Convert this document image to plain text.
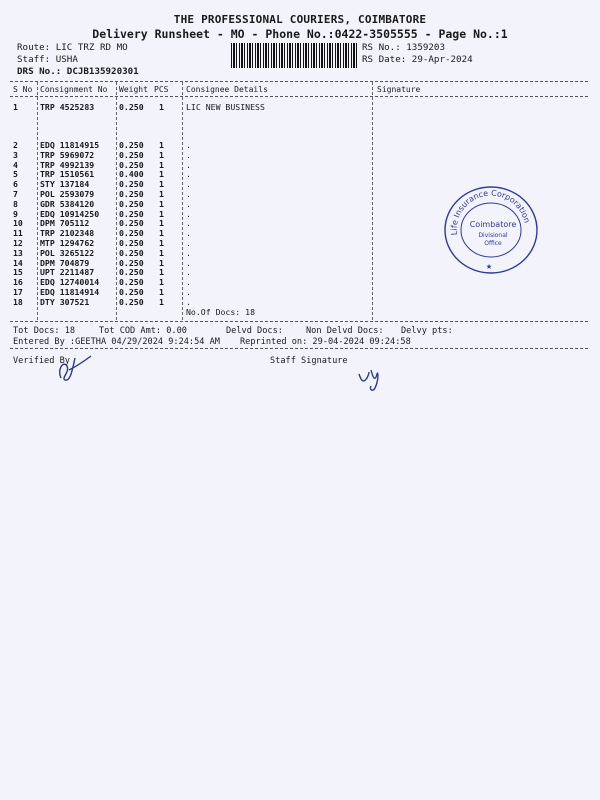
THE PROFESSIONAL COURIERS, COIMBATORE
Delivery Runsheet - MO - Phone No.:0422-3505555 - Page No.:1
Route: LIC TRZ RD MO
Staff: USHA
DRS No.: DCJB135920301
RS No.: 1359203
RS Date: 29-Apr-2024
S No Consignment No Weight PCS Consignee Details	Signature
1	TRP 4525283	0.250 1	LIC NEW BUSINESS
2	EDQ 11814915 0.250 1	.
3	TRP 5969072	0.250 1	.
4	TRP 4992139	0.250 1	.
5	TRP 1510561	0.400 1	.
6	STY 137184	0.250 1	.
7	POL 2593079	0.250 1	.
8	GDR 5384120	0.250 1	.
9	EDQ 10914250 0.250 1	.
10 DPM 705112	0.250 1	.
11 TRP 2102348	0.250 1	.
12 MTP 1294762	0.250 1	.
13 POL 3265122	0.250 1	.
14 DPM 704879	0.250 1	.
15 UPT 2211487	0.250 1	.
16 EDQ 12740014 0.250 1	.
17 EDQ 11814914 0.250 1	.
18 DTY 307521	0.250 1	.
No.Of Docs: 18
Tot Docs: 18	Tot COD Amt: 0.00	Delvd Docs:	Non Delvd Docs: Delvy pts:
Entered By :GEETHA 04/29/2024 9:24:54 AM Reprinted on: 29-04-2024 09:24:58
Verified By	Staff Signature
Life Insurance Corporation
Coimbatore
Divisional
Office
★
